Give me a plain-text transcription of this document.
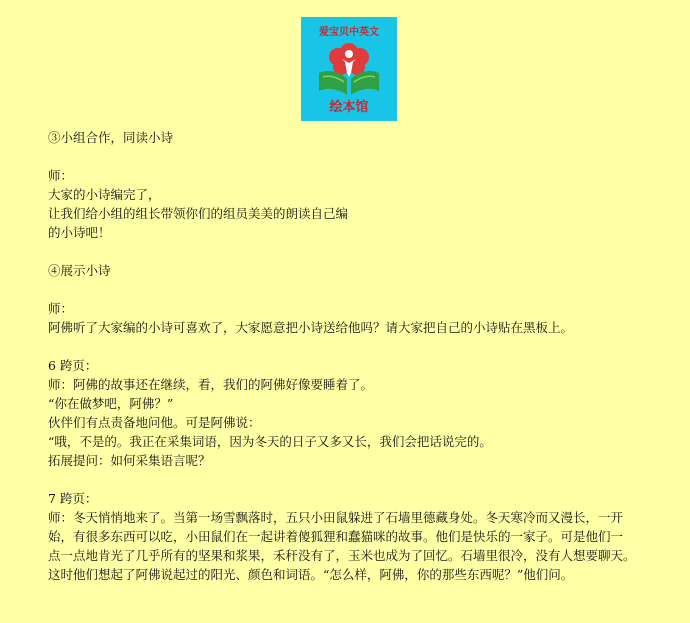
爱宝贝中英文
绘本馆
③小组合作，同读小诗
师：
大家的小诗编完了，
让我们给小组的组长带领你们的组员美美的朗读自己编
的小诗吧！
④展示小诗
师：
阿佛听了大家编的小诗可喜欢了，大家愿意把小诗送给他吗？请大家把自己的小诗贴在黑板上。
6 跨页：
师：阿佛的故事还在继续，看，我们的阿佛好像要睡着了。
“你在做梦吧，阿佛？”
伙伴们有点责备地问他。可是阿佛说：
“哦，不是的。我正在采集词语，因为冬天的日子又多又长，我们会把话说完的。
拓展提问：如何采集语言呢？
7 跨页：
师：冬天悄悄地来了。当第一场雪飘落时，五只小田鼠躲进了石墙里德藏身处。冬天寒冷而又漫长，一开
始，有很多东西可以吃，小田鼠们在一起讲着傻狐狸和蠢猫咪的故事。他们是快乐的一家子。可是他们一
点一点地肯光了几乎所有的坚果和浆果，禾秆没有了，玉米也成为了回忆。石墙里很冷，没有人想要聊天。
这时他们想起了阿佛说起过的阳光、颜色和词语。“怎么样，阿佛，你的那些东西呢？”他们问。
